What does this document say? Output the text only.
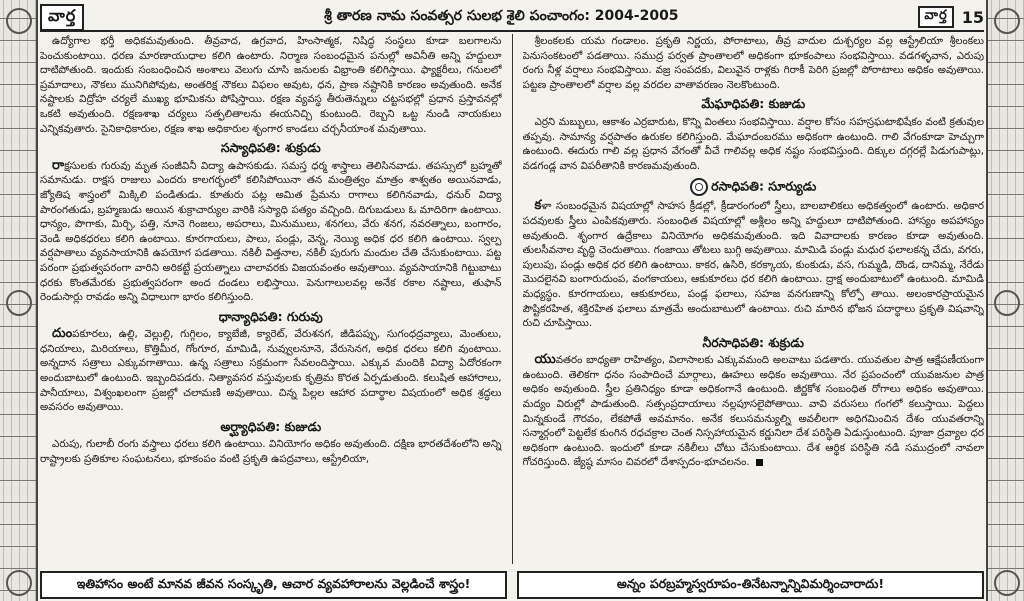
వార్త	శ్రీ తారణ నామ సంవత్సర సులభ శైలి పంచాంగం: 2004-2005	వార్త 15

ఉద్యోగాల భర్తీ అధికమవుతుంది. తీవ్రవాద, ఉగ్రవాద, హింసాత్మక, నిషిద్ధ సంస్థలు కూడా బలగాలను పెంచుకుంటాయి. ధరణ మారణాయుధాల కలిగి ఉంటారు. నిర్మాణ సంబంధమైన పనుల్లో అవినీతి అన్ని హద్దులూ దాటిపోతుంది. ఇందుకు సంబంధించిన అంశాలు వెలుగు చూసి జనులకు విభ్రాంతి కలిగిస్తాయి. ఫ్యాక్టరీలు, గనులలో ప్రమాదాలు, నౌకలు మునిగిపోవుట, అంతరిక్ష నౌకలు విఫలం అవుట, ధన, ప్రాణ నష్టానికి కారణం అవుతుంది. అనేక నష్టాలకు విద్రోహ చర్యలే ముఖ్య భూమికను పోషిస్తాయి. రక్షణ వ్యవస్థ తీరుతెన్నులు చట్టసభల్లో ప్రధాన ప్రస్తావనల్లో ఒకటి అవుతుంది. రక్షణశాఖ చర్యలు సత్ఫలితాలను ఈయనిచ్చి కుంటుంది. రెబ్బని ఒట్ట నుండి నాయకులు ఎన్నికవుతారు. సైనికాధికారుల, రక్షణ శాఖ అధికారుల శృంగార కాండలు చర్చనీయాంశ మవుతాయి.

సస్యాధిపతి: శుక్రుడు

రాక్షసులకు గురువు మృత సంజీవినీ విద్యా ఉపాసకుడు. సమస్త ధర్మ శాస్త్రాలు తెలిసినవాడు. తపస్సులో బ్రహ్మతో సమానుడు. రాక్షస రాజులు ఎందరు కాలగర్భంలో కలిసిపోయినా తన మంత్రిత్వం మాత్రం శాశ్వతం అయినవాడు, జ్యోతిష శాస్త్రంలో మిక్కిలి పండితుడు. కూతురు పట్ల అమిత ప్రేమను రాగాలు కలిగినవాడు, ధనుర్ విద్యా పారంగతుడు, బ్రహ్మణుడు అయిన శుక్రాచార్యుల వారికి సస్యాధి పత్యం వచ్చింది. దిగుబడులు ఓ మాదిరిగా ఉంటాయి. ధాన్యం, పొగాకు, మిర్చి, పత్తి, నూనె గింజలు, అపరాలు, మినుములు, శనగలు, వేరు శనగ, నవరత్నాలు, బంగారం, వెండి అధికధరలు కలిగి ఉంటాయి. కూరగాయలు, పాలు, పండ్లు, వెన్న, నెయ్యి అధిక ధర కలిగి ఉంటాయి. స్వల్ప వర్షపాతాలు వ్యవసాయానికి ఉపయోగ పడతాయి. నకిలీ విత్తనాల, నకిలీ పురుగు మందుల చేతి చేసుకుంటాయి. పట్ట పరంగా ప్రభుత్వపరంగా వారిని అరికట్టే ప్రయత్నాలు చాలావరకు విజయవంతం అవుతాయి. వ్యవసాయానికి గిట్టుబాటు ధరకు కొంతమేరకు ప్రభుత్వపరంగా అంద దండలు లభిస్తాయి. పెనుగాలులవల్ల అనేక రకాల నష్టాలు, తుఫాన్ రెండుసార్లు రావడం అన్ని విధాలుగా భారం కలిగిస్తుంది.

ధాన్యాధిపతి: గురువు

దుంపకూరలు, ఉల్లి, వెల్లుల్లి, గుగ్గిలం, క్యాబేజీ, క్యారెట్, వేరుశనగ, జీడిపప్పు, సుగంధద్రవ్యాలు, మెంతులు, ధనియాలు, మిరియాలు, కొత్తిమీర, గోంగూర, మామిడి, నువ్వులనూనె, వేరుసెనగ, అధిక ధరలు కలిగి వుంటాయి. అన్నదాన సత్రాలు ఎక్కువగాతాయి. ఉన్న సత్రాలు సక్రమంగా సేవలందిస్తాయి. ఎక్కువ మందికి విద్యా ఏదోరకంగా అందుబాటులో ఉంటుంది. ఇబ్బందిపడరు. నిత్యావసర వస్తువులకు కృత్రిమ కొరత ఏర్పడుతుంది. కలుషిత ఆహారాలు, పానీయాలు, విశ్వంఖలంగా ప్రజల్లో చలామణి అవుతాయి. చిన్న పిల్లల ఆహార పదార్థాల విషయంలో అధిక శ్రద్ధలు అవసరం అవుతాయి.

అర్ఘ్యాధిపతి: కుజుడు

ఎరుపు, గులాబీ రంగు వస్త్రాలు ధరలు కలిగి ఉంటాయి. వినియోగం అధికం అవుతుంది. దక్షిణ భారతదేశంలోని అన్ని రాష్ట్రాలకు ప్రతికూల సంఘటనలు, భూకంపం వంటి ప్రకృతి ఉపద్రవాలు, ఆస్ట్రేలియా,

శ్రీలంకలకు యమ గండాలం. ప్రకృతి నిర్ణయ, పోరాటాలు, తీవ్ర వాదుల దుశ్చర్యల వల్ల ఆస్ట్రేలియా శ్రీలంకలు పెనుసంకటంలో పడతాయి. సముద్ర పర్వత ప్రాంతాలలో అధికంగా భూకంపాలు సంభవిస్తాయి. వడగళ్ళవాన, ఎరుపు రంగు నీళ్ల వర్షాలు సంభవిస్తాయి. వజ్ర సంపదకు, విలువైన రాళ్లకు గిరాకీ పెరిగి ప్రజల్లో పోరాటాలు అధికం అవుతాయి. పట్టణ ప్రాంతాలలో వర్షాల వల్ల వరదల వాతావరణం నెలకొంటుంది.

మేఘాధిపతి: కుజుడు

ఎర్రని మబ్బులు, ఆకాశం ఎర్రబారుట, కొన్ని వింతలు సంభవిస్తాయి. వర్షాల కోసం సహస్రఘటాభిషేకం వంటి క్రతువుల తప్పవు. సామాన్య వర్షపాతం ఉరుకల కలిగిస్తుంది. మేఘాదంబరము అధికంగా ఉంటుంది. గాలి వేగంకూడా హెచ్చుగా ఉంటుంది. ఈదురు గాలి వల్ల ప్రధాన వేగంతో వీచే గాలివల్ల అధిక నష్టం సంభవిస్తుంది. దిక్కుల దగ్గరల్లే పిడుగుపాట్లు, వడగండ్ల వాన విపరీతానికి కారణమవుతుంది.

రసాధిపతి: సూర్యుడు

కళా సంబంధమైన విషయాల్లో సాహస క్రీడల్లో, క్రీడారంగంలో స్త్రీలు, బాలబాలికలు అధికత్వంలో ఉంటారు. అధికార పదవులకు స్త్రీలు ఎంపికవుతారు. సంబంధిత విషయాల్లో అశ్లీలం అన్ని హద్దులూ దాటిపోతుంది. హాస్యం అపహాస్యం అవుతుంది. శృంగార ఉద్రేకాలు వినియోగం అధికమవుతుంది. ఇది వివాదాలకు కారణం కూడా అవుతుంది. తులసీవనాల వృద్ధి చెందుతాయి. గంజాయి తోటలు బుగ్గి అవుతాయి. మామిడి పండ్లు మధుర ఫలాలకన్న చేదు, వగరు, పులుపు, పండ్లు అధిక ధర కలిగి ఉంటాయి. కాకర, ఉసిరి, కరక్కాయ, కుంకుడు, వస, గుమ్మడి, దొండ, దానిమ్మ, నేరేడు మొదలైనవి బంగారుదుంప, వంగకాయలు, ఆకుకూరలు ధర కలిగి ఉంటాయి. ద్రాక్ష అందుబాటులో ఉంటుంది. మామిడి మధ్యస్థం. కూరగాయలు, ఆకుకూరలు, పండ్ల ఫలాలు, సహజ వనగుణాన్ని కోల్పో తాయి. అలంకారప్రాయమైన పౌష్టికరహిత, శక్తిరహిత ఫలాలు మాత్రమే అందుబాటులో ఉంటాయి. రుచి మారిన భోజన పదార్థాలు ప్రకృతి విషవాన్ని రుచి చూపిస్తాయి.

నీరసాధిపతి: శుక్రుడు

యువతరం బాధ్యతా రాహిత్యం, విలాసాలకు ఎక్కువమంది అలవాటు పడతారు. యువతుల పాత్ర ఆక్షేపణీయంగా ఉంటుంది. తెలికగా ధనం సంపాదించే మార్గాలు, ఊహలు అధికం అవుతాయి. నేర ప్రపంచంలో యువజనుల పాత్ర అధికం అవుతుంది. స్త్రీల ప్రతినిధ్యం కూడా అధికంగానే ఉంటుంది. జీర్ణకోశ సంబంధిత రోగాలు అధికం అవుతాయి. మద్యం విరుల్లో పాడుతుంది. సత్సంప్రదాయాలు నల్లపూసలైపోతాయి. వావి వరుసలు గంగలో కలుస్తాయి. పెద్దలు మిన్నకుండే గౌరవం, లేకపోతే అవమానం. అనేక కలుసమన్యుల్ని అవలీలగా అధిగమించిన దేశం యువతరాన్ని సన్మార్గంలో పెట్టలేక కుంగిన రధచక్రాల చెంత నిస్సహాయమైన కర్ణునిలా దేశ పరిస్థితి ఏడుస్తుంటుంది. పూజా ద్రవ్యాల ధర అధికంగా ఉంటుంది. ఇందులో కూడా నకిలీలు చోటు చేసుకుంటాయి. దేశ ఆర్థిక పరిస్థితి నడి సముద్రంలో నావలా గోచరిస్తుంది. జ్యేష్ఠ మాసం చివరలో దేశాస్పదం-భూచలనం.

ఇతిహాసం అంటే మానవ జీవన సంస్కృతి, ఆచార వ్యవహారాలను వెల్లడించే శాస్త్రం!	అన్నం పరబ్రహ్మస్వరూపం-తినేటన్నాన్నివిమర్శించారాదు!
